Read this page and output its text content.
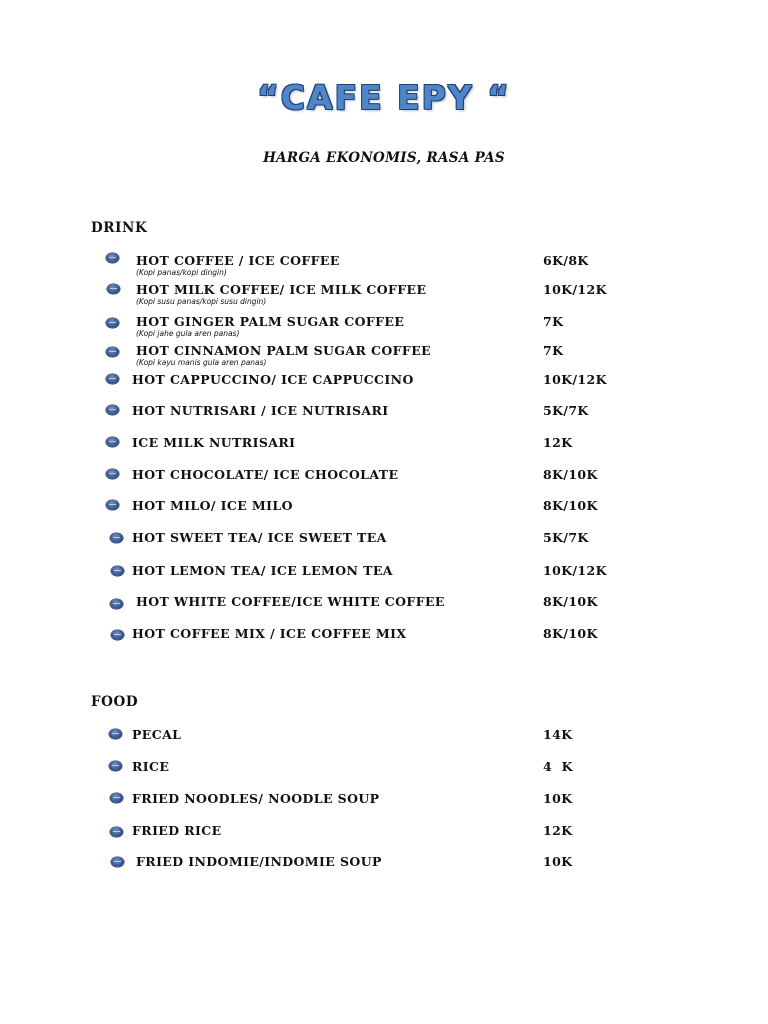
“CAFE EPY “
HARGA EKONOMIS, RASA PAS
DRINK
HOT COFFEE / ICE COFFEE	6K/8K
(Kopi panas/kopi dingin)
HOT MILK COFFEE/ ICE MILK COFFEE	10K/12K
(Kopi susu panas/kopi susu dingin)
HOT GINGER PALM SUGAR COFFEE	7K
(Kopi jahe gula aren panas)
HOT CINNAMON PALM SUGAR COFFEE	7K
(Kopi kayu manis gula aren panas)
HOT CAPPUCCINO/ ICE CAPPUCCINO	10K/12K
HOT NUTRISARI / ICE NUTRISARI	5K/7K
ICE MILK NUTRISARI	12K
HOT CHOCOLATE/ ICE CHOCOLATE	8K/10K
HOT MILO/ ICE MILO	8K/10K
HOT SWEET TEA/ ICE SWEET TEA	5K/7K
HOT LEMON TEA/ ICE LEMON TEA	10K/12K
HOT WHITE COFFEE/ICE WHITE COFFEE	8K/10K
HOT COFFEE MIX / ICE COFFEE MIX	8K/10K
FOOD
PECAL	14K
RICE	4  K
FRIED NOODLES/ NOODLE SOUP	10K
FRIED RICE	12K
FRIED INDOMIE/INDOMIE SOUP	10K
